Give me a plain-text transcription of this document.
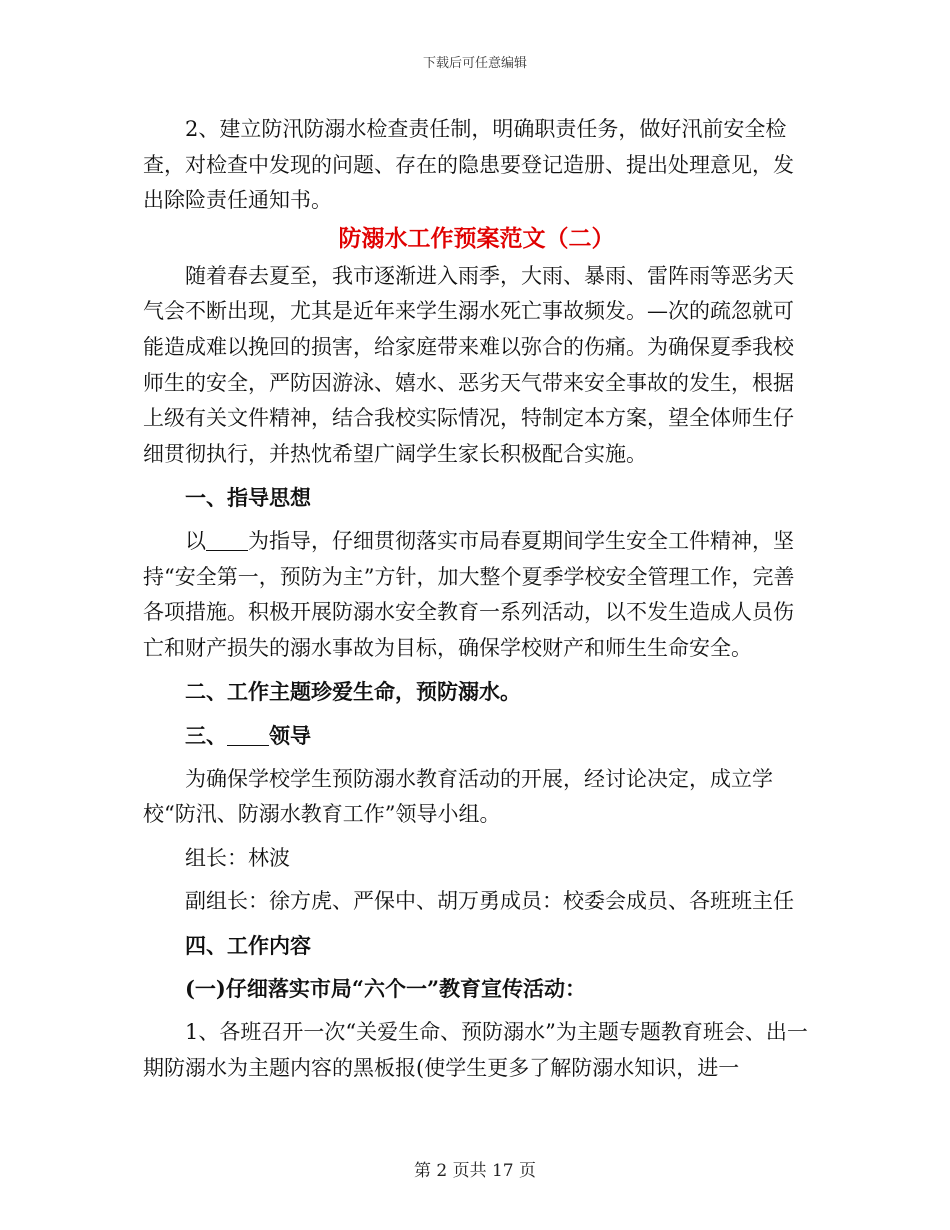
下载后可任意编辑

2、建立防汛防溺水检查责任制，明确职责任务，做好汛前安全检查，对检查中发现的问题、存在的隐患要登记造册、提出处理意见，发出除险责任通知书。

防溺水工作预案范文（二）

随着春去夏至，我市逐渐进入雨季，大雨、暴雨、雷阵雨等恶劣天气会不断出现，尤其是近年来学生溺水死亡事故频发。—次的疏忽就可能造成难以挽回的损害，给家庭带来难以弥合的伤痛。为确保夏季我校师生的安全，严防因游泳、嬉水、恶劣天气带来安全事故的发生，根据上级有关文件精神，结合我校实际情况，特制定本方案，望全体师生仔细贯彻执行，并热忱希望广阔学生家长积极配合实施。

一、指导思想

以 为指导，仔细贯彻落实市局春夏期间学生安全工件精神，坚持“安全第一，预防为主”方针，加大整个夏季学校安全管理工作，完善各项措施。积极开展防溺水安全教育一系列活动，以不发生造成人员伤亡和财产损失的溺水事故为目标，确保学校财产和师生生命安全。

二、工作主题珍爱生命，预防溺水。

三、 领导

为确保学校学生预防溺水教育活动的开展，经讨论决定，成立学校“防汛、防溺水教育工作”领导小组。

组长：林波

副组长：徐方虎、严保中、胡万勇成员：校委会成员、各班班主任

四、工作内容

(一)仔细落实市局“六个一”教育宣传活动：

1、各班召开一次“关爱生命、预防溺水”为主题专题教育班会、出一期防溺水为主题内容的黑板报(使学生更多了解防溺水知识，进一

第 2 页共 17 页
